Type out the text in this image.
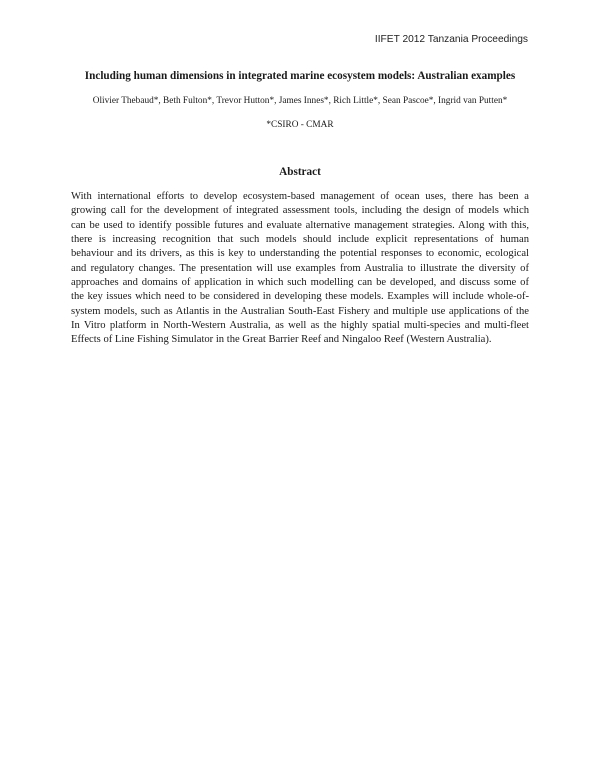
IIFET 2012 Tanzania Proceedings
Including human dimensions in integrated marine ecosystem models: Australian examples
Olivier Thebaud*, Beth Fulton*, Trevor Hutton*, James Innes*, Rich Little*, Sean Pascoe*, Ingrid van Putten*
*CSIRO - CMAR
Abstract
With international efforts to develop ecosystem-based management of ocean uses, there has been a
growing call for the development of integrated assessment tools, including the design of models which
can be used to identify possible futures and evaluate alternative management strategies. Along with this,
there is increasing recognition that such models should include explicit representations of human
behaviour and its drivers, as this is key to understanding the potential responses to economic, ecological
and regulatory changes. The presentation will use examples from Australia to illustrate the diversity of
approaches and domains of application in which such modelling can be developed, and discuss some of
the key issues which need to be considered in developing these models. Examples will include whole-of-
system models, such as Atlantis in the Australian South-East Fishery and multiple use applications of the
In Vitro platform in North-Western Australia, as well as the highly spatial multi-species and multi-fleet
Effects of Line Fishing Simulator in the Great Barrier Reef and Ningaloo Reef (Western Australia).
